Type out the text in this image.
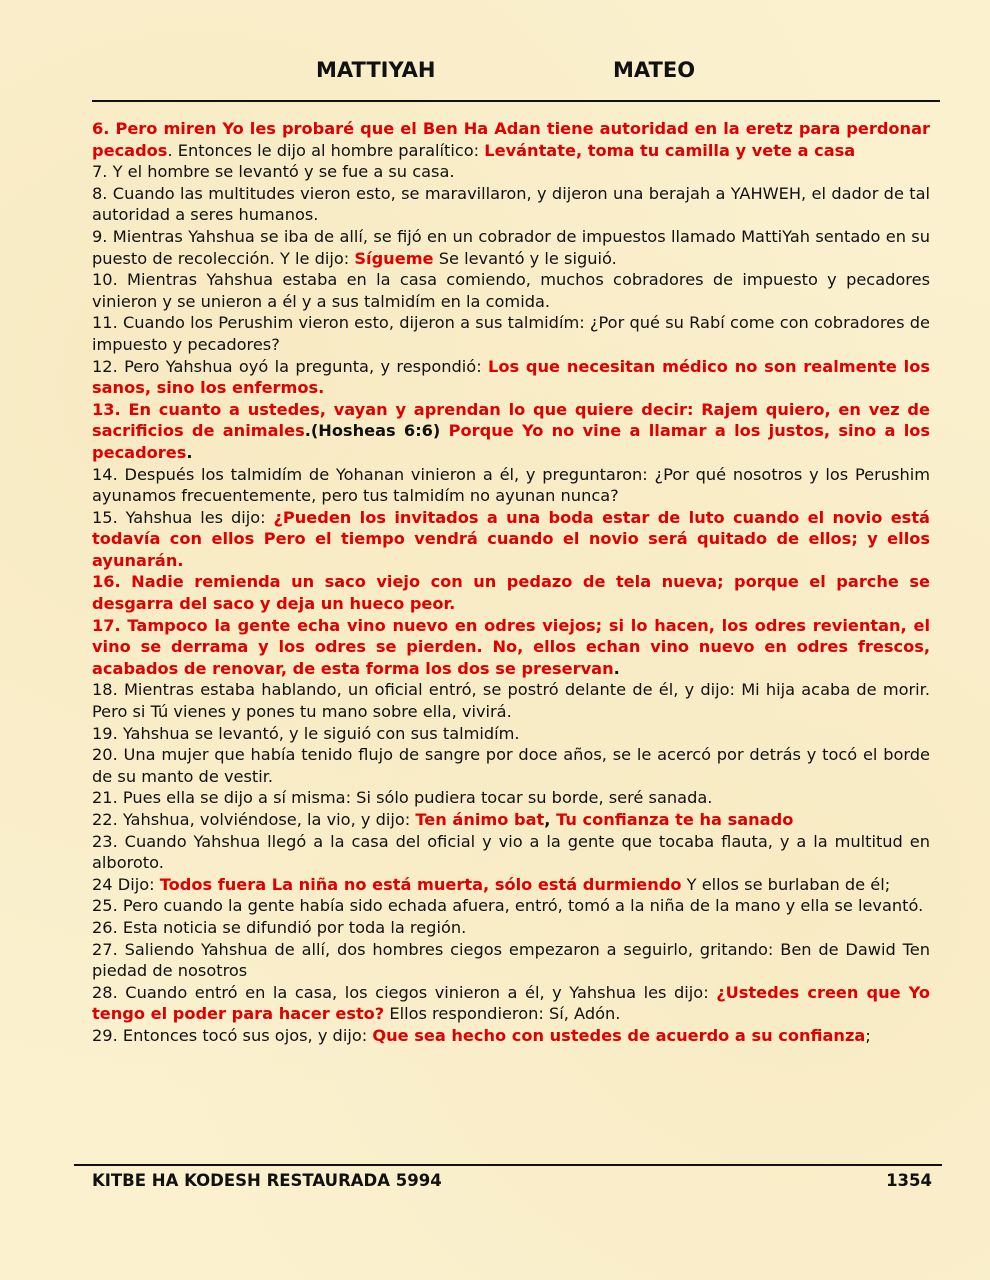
MATTIYAH	MATEO

6. Pero miren Yo les probaré que el Ben Ha Adan tiene autoridad en la eretz para perdonar pecados. Entonces le dijo al hombre paralítico: Levántate, toma tu camilla y vete a casa

7. Y el hombre se levantó y se fue a su casa.

8. Cuando las multitudes vieron esto, se maravillaron, y dijeron una berajah a YAHWEH, el dador de tal autoridad a seres humanos.

9. Mientras Yahshua se iba de allí, se fijó en un cobrador de impuestos llamado MattiYah sentado en su puesto de recolección. Y le dijo: Sígueme Se levantó y le siguió.

10. Mientras Yahshua estaba en la casa comiendo, muchos cobradores de impuesto y pecadores vinieron y se unieron a él y a sus talmidím en la comida.

11. Cuando los Perushim vieron esto, dijeron a sus talmidím: ¿Por qué su Rabí come con cobradores de impuesto y pecadores?

12. Pero Yahshua oyó la pregunta, y respondió: Los que necesitan médico no son realmente los sanos, sino los enfermos.

13. En cuanto a ustedes, vayan y aprendan lo que quiere decir: Rajem quiero, en vez de sacrificios de animales.(Hosheas 6:6) Porque Yo no vine a llamar a los justos, sino a los pecadores.

14. Después los talmidím de Yohanan vinieron a él, y preguntaron: ¿Por qué nosotros y los Perushim ayunamos frecuentemente, pero tus talmidím no ayunan nunca?

15. Yahshua les dijo: ¿Pueden los invitados a una boda estar de luto cuando el novio está todavía con ellos Pero el tiempo vendrá cuando el novio será quitado de ellos; y ellos ayunarán.

16. Nadie remienda un saco viejo con un pedazo de tela nueva; porque el parche se desgarra del saco y deja un hueco peor.

17. Tampoco la gente echa vino nuevo en odres viejos; si lo hacen, los odres revientan, el vino se derrama y los odres se pierden. No, ellos echan vino nuevo en odres frescos, acabados de renovar, de esta forma los dos se preservan.

18. Mientras estaba hablando, un oficial entró, se postró delante de él, y dijo: Mi hija acaba de morir. Pero si Tú vienes y pones tu mano sobre ella, vivirá.

19. Yahshua se levantó, y le siguió con sus talmidím.

20. Una mujer que había tenido flujo de sangre por doce años, se le acercó por detrás y tocó el borde de su manto de vestir.

21. Pues ella se dijo a sí misma: Si sólo pudiera tocar su borde, seré sanada.

22. Yahshua, volviéndose, la vio, y dijo: Ten ánimo bat, Tu confianza te ha sanado

23. Cuando Yahshua llegó a la casa del oficial y vio a la gente que tocaba flauta, y a la multitud en alboroto.

24 Dijo: Todos fuera La niña no está muerta, sólo está durmiendo Y ellos se burlaban de él;

25. Pero cuando la gente había sido echada afuera, entró, tomó a la niña de la mano y ella se levantó.

26. Esta noticia se difundió por toda la región.

27. Saliendo Yahshua de allí, dos hombres ciegos empezaron a seguirlo, gritando: Ben de Dawid Ten piedad de nosotros

28. Cuando entró en la casa, los ciegos vinieron a él, y Yahshua les dijo: ¿Ustedes creen que Yo tengo el poder para hacer esto? Ellos respondieron: Sí, Adón.

29. Entonces tocó sus ojos, y dijo: Que sea hecho con ustedes de acuerdo a su confianza;

KITBE HA KODESH RESTAURADA 5994	1354
